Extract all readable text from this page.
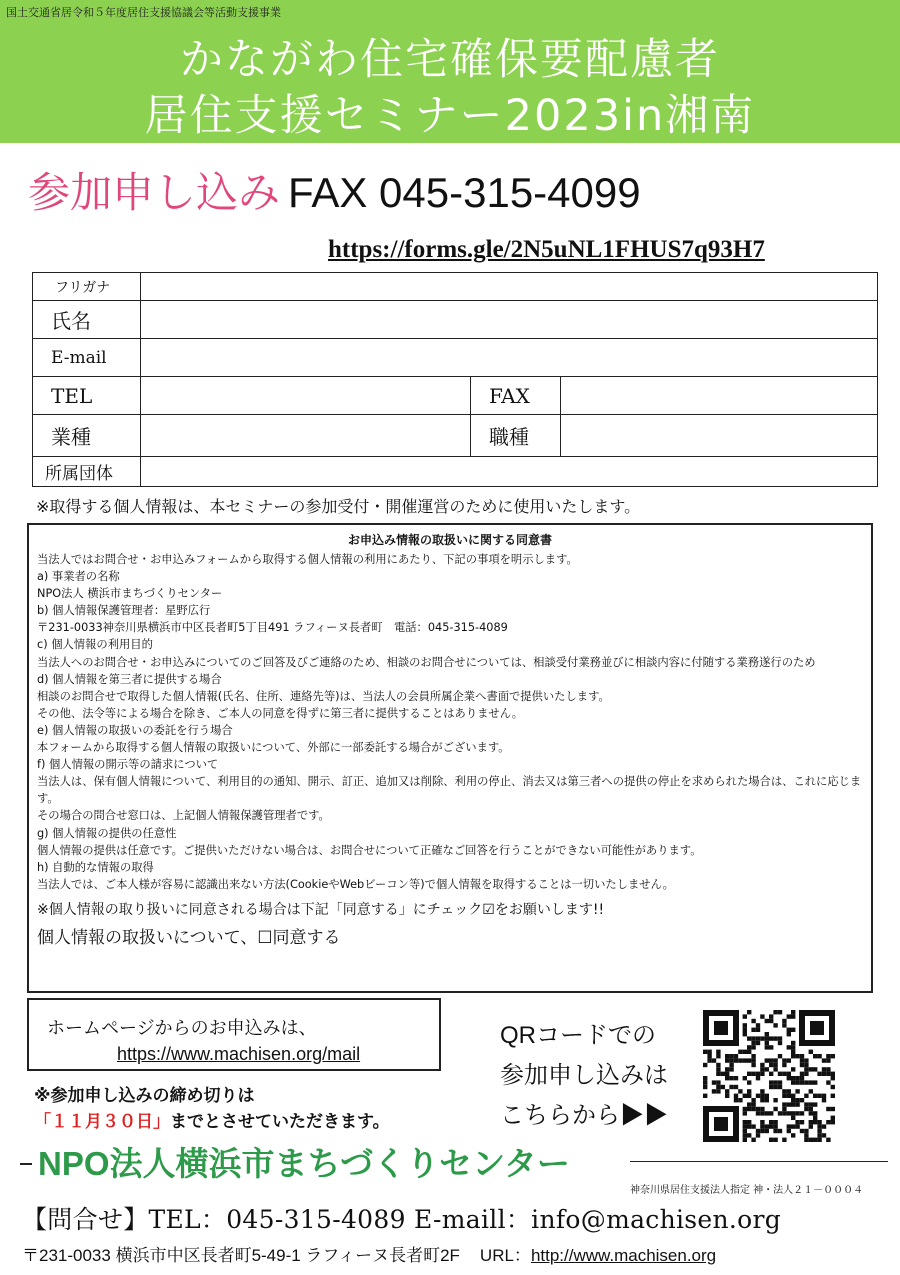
国土交通省居令和５年度居住支援協議会等活動支援事業
かながわ住宅確保要配慮者
居住支援セミナー2023in湘南
参加申し込み FAX 045-315-4099
https://forms.gle/2N5uNL1FHUS7q93H7
フリガナ			
氏名			
E-mail			
TEL		FAX	
業種		職種	
所属団体			
※取得する個人情報は、本セミナーの参加受付・開催運営のために使用いたします。
お申込み情報の取扱いに関する同意書

当法人ではお問合せ・お申込みフォームから取得する個人情報の利用にあたり、下記の事項を明示します。

a) 事業者の名称

NPO法人 横浜市まちづくりセンター

b) 個人情報保護管理者：星野広行

〒231-0033神奈川県横浜市中区長者町5丁目491 ラフィーヌ長者町　電話：045-315-4089

c) 個人情報の利用目的

当法人へのお問合せ・お申込みについてのご回答及びご連絡のため、相談のお問合せについては、相談受付業務並びに相談内容に付随する業務遂行のため

d) 個人情報を第三者に提供する場合

相談のお問合せで取得した個人情報(氏名、住所、連絡先等)は、当法人の会員所属企業へ書面で提供いたします。

その他、法令等による場合を除き、ご本人の同意を得ずに第三者に提供することはありません。

e) 個人情報の取扱いの委託を行う場合

本フォームから取得する個人情報の取扱いについて、外部に一部委託する場合がございます。

f) 個人情報の開示等の請求について

当法人は、保有個人情報について、利用目的の通知、開示、訂正、追加又は削除、利用の停止、消去又は第三者への提供の停止を求められた場合は、これに応じます。

その場合の問合せ窓口は、上記個人情報保護管理者です。

g) 個人情報の提供の任意性

個人情報の提供は任意です。ご提供いただけない場合は、お問合せについて正確なご回答を行うことができない可能性があります。

h) 自動的な情報の取得

当法人では、ご本人様が容易に認識出来ない方法(CookieやWebビーコン等)で個人情報を取得することは一切いたしません。

※個人情報の取り扱いに同意される場合は下記「同意する」にチェック☑をお願いします!!
個人情報の取扱いについて、☐同意する
ホームページからのお申込みは、
https://www.machisen.org/mail
※参加申し込みの締め切りは
「１１月３０日」までとさせていただきます。
QRコードでの
参加申し込みは
こちらから▶▶
NPO法人横浜市まちづくりセンター
神奈川県居住支援法人指定 神・法人２１－０００４
【問合せ】TEL：045-315-4089 E-maill：info@machisen.org
〒231-0033 横浜市中区長者町5-49-1 ラフィーヌ長者町2F URL：http://www.machisen.org
